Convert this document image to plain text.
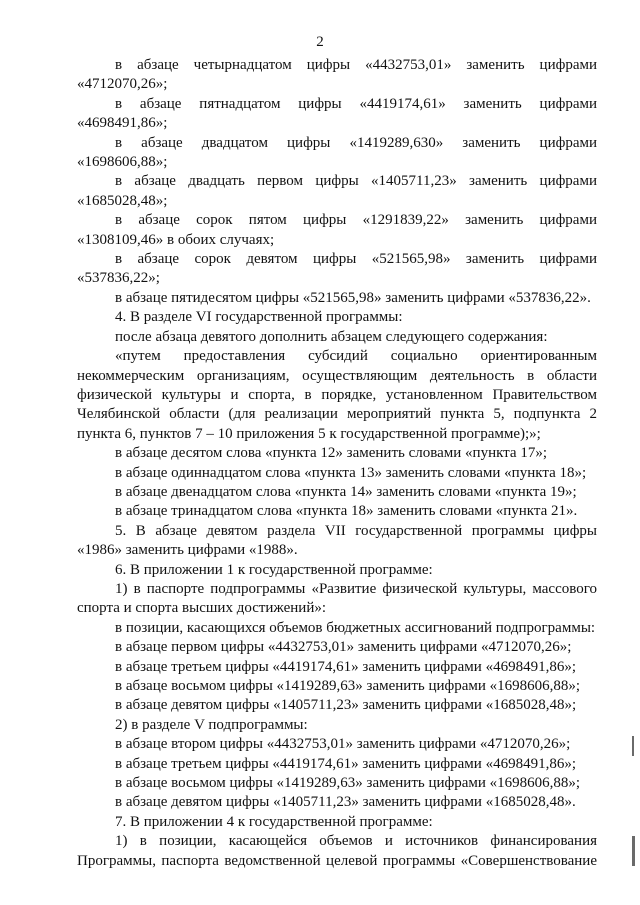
2

в абзаце четырнадцатом цифры «4432753,01» заменить цифрами «4712070,26»;

в абзаце пятнадцатом цифры «4419174,61» заменить цифрами «4698491,86»;

в абзаце двадцатом цифры «1419289,630» заменить цифрами «1698606,88»;

в абзаце двадцать первом цифры «1405711,23» заменить цифрами «1685028,48»;

в абзаце сорок пятом цифры «1291839,22» заменить цифрами «1308109,46» в обоих случаях;

в абзаце сорок девятом цифры «521565,98» заменить цифрами «537836,22»;

в абзаце пятидесятом цифры «521565,98» заменить цифрами «537836,22».

4. В разделе VI государственной программы:

после абзаца девятого дополнить абзацем следующего содержания:

«путем предоставления субсидий социально ориентированным некоммерческим организациям, осуществляющим деятельность в области физической культуры и спорта, в порядке, установленном Правительством Челябинской области (для реализации мероприятий пункта 5, подпункта 2 пункта 6, пунктов 7 – 10 приложения 5 к государственной программе);»;

в абзаце десятом слова «пункта 12» заменить словами «пункта 17»;

в абзаце одиннадцатом слова «пункта 13» заменить словами «пункта 18»;

в абзаце двенадцатом слова «пункта 14» заменить словами «пункта 19»;

в абзаце тринадцатом слова «пункта 18» заменить словами «пункта 21».

5. В абзаце девятом раздела VII государственной программы цифры «1986» заменить цифрами «1988».

6. В приложении 1 к государственной программе:

1) в паспорте подпрограммы «Развитие физической культуры, массового спорта и спорта высших достижений»:

в позиции, касающихся объемов бюджетных ассигнований подпрограммы:

в абзаце первом цифры «4432753,01» заменить цифрами «4712070,26»;

в абзаце третьем цифры «4419174,61» заменить цифрами «4698491,86»;

в абзаце восьмом цифры «1419289,63» заменить цифрами «1698606,88»;

в абзаце девятом цифры «1405711,23» заменить цифрами «1685028,48»;

2) в разделе V подпрограммы:

в абзаце втором цифры «4432753,01» заменить цифрами «4712070,26»;

в абзаце третьем цифры «4419174,61» заменить цифрами «4698491,86»;

в абзаце восьмом цифры «1419289,63» заменить цифрами «1698606,88»;

в абзаце девятом цифры «1405711,23» заменить цифрами «1685028,48».

7. В приложении 4 к государственной программе:

1) в позиции, касающейся объемов и источников финансирования Программы, паспорта ведомственной целевой программы «Совершенствование
